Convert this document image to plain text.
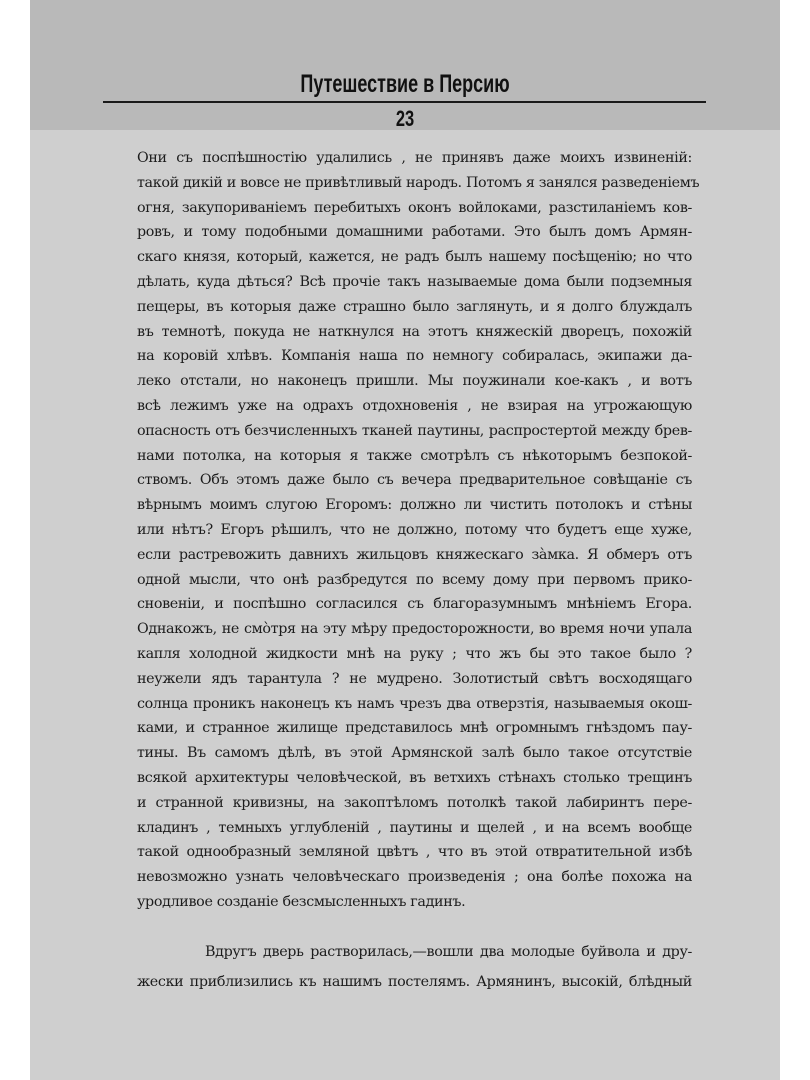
Путешествие в Персию
23
Они съ поспѣшностію удалились , не принявъ даже моихъ извиненій:
такой дикій и вовсе не привѣтливый народъ. Потомъ я занялся разведеніемъ
огня, закупориваніемъ перебитыхъ оконъ войлоками, разстиланіемъ ков-
ровъ, и тому подобными домашними работами. Это былъ домъ Армян-
скаго князя, который, кажется, не радъ былъ нашему посѣщенію; но что
дѣлать, куда дѣться? Всѣ прочіе такъ называемые дома были подземныя
пещеры, въ которыя даже страшно было заглянуть, и я долго блуждалъ
въ темнотѣ, покуда не наткнулся на этотъ княжескій дворецъ, похожій
на коровій хлѣвъ. Компанія наша по немногу собиралась, экипажи да-
леко отстали, но наконецъ пришли. Мы поужинали кое-какъ , и вотъ
всѣ лежимъ уже на одрахъ отдохновенія , не взирая на угрожающую
опасность отъ безчисленныхъ тканей паутины, распростертой между брев-
нами потолка, на которыя я также смотрѣлъ съ нѣкоторымъ безпокой-
ствомъ. Объ этомъ даже было съ вечера предварительное совѣщаніе съ
вѣрнымъ моимъ слугою Егоромъ: должно ли чистить потолокъ и стѣны
или нѣтъ? Егоръ рѣшилъ, что не должно, потому что будетъ еще хуже,
если растревожить давнихъ жильцовъ княжескаго зàмка. Я обмеръ отъ
одной мысли, что онѣ разбредутся по всему дому при первомъ прико-
сновеніи, и поспѣшно согласился съ благоразумнымъ мнѣніемъ Егора.
Однакожъ, не смòтря на эту мѣру предосторожности, во время ночи упала
капля холодной жидкости мнѣ на руку ; что жъ бы это такое было ?
неужели ядъ тарантула ? не мудрено. Золотистый свѣтъ восходящаго
солнца проникъ наконецъ къ намъ чрезъ два отверзтія, называемыя окош-
ками, и странное жилище представилось мнѣ огромнымъ гнѣздомъ пау-
тины. Въ самомъ дѣлѣ, въ этой Армянской залѣ было такое отсутствіе
всякой архитектуры человѣческой, въ ветхихъ стѣнахъ столько трещинъ
и странной кривизны, на закоптѣломъ потолкѣ такой лабиринтъ пере-
кладинъ , темныхъ углубленій , паутины и щелей , и на всемъ вообще
такой однообразный земляной цвѣтъ , что въ этой отвратительной избѣ
невозможно узнать человѣческаго произведенія ; она болѣе похожа на
уродливое созданіе безсмысленныхъ гадинъ.
Вдругъ дверь растворилась,—вошли два молодые буйвола и дру-
жески приблизились къ нашимъ постелямъ. Армянинъ, высокій, блѣдный
